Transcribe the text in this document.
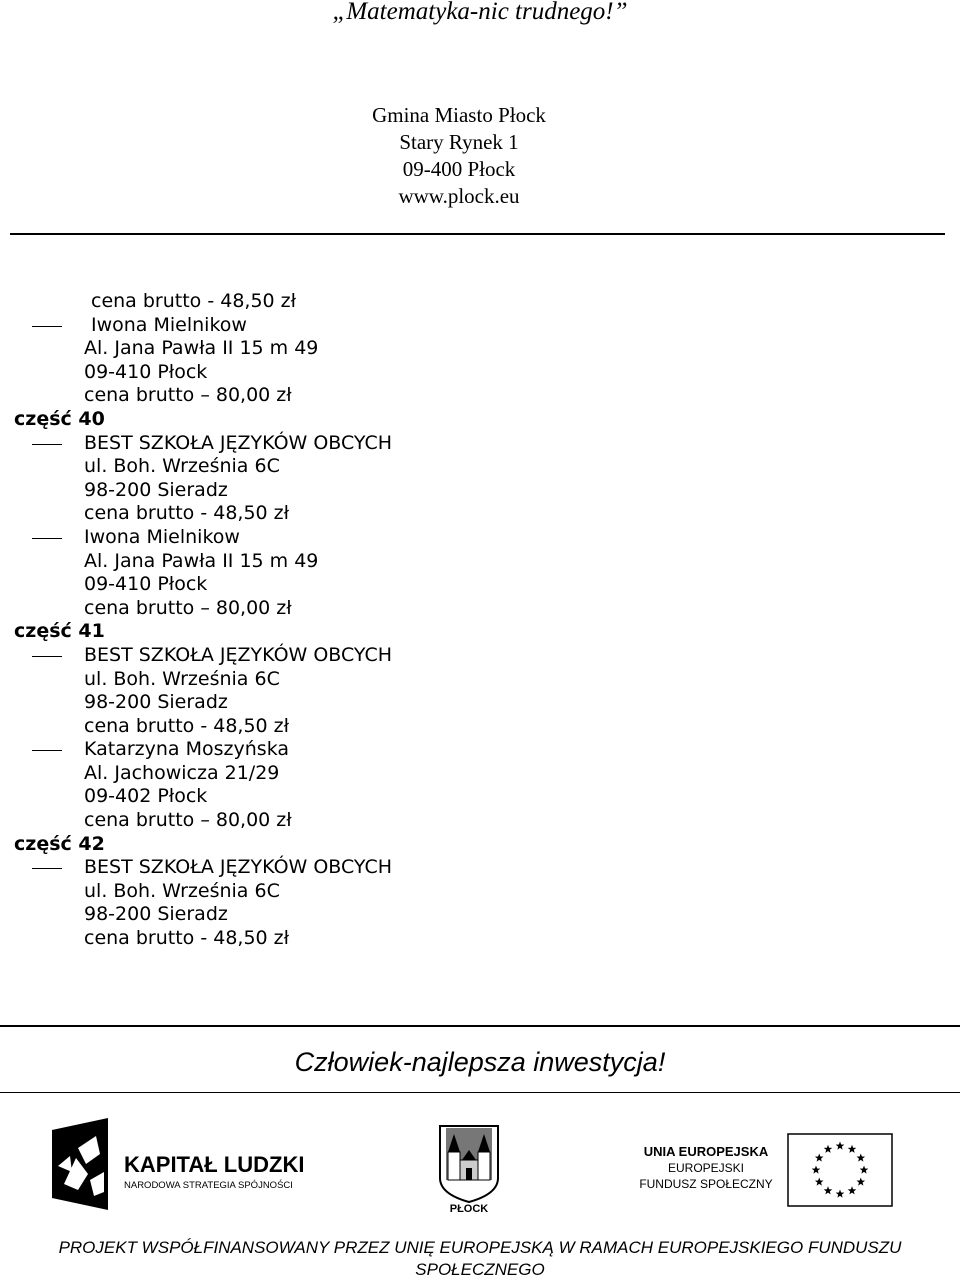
„Matematyka-nic trudnego!”
Gmina Miasto Płock
Stary Rynek 1
09-400 Płock
www.plock.eu
cena brutto - 48,50 zł
Iwona Mielnikow
Al. Jana Pawła II 15 m 49
09-410 Płock
cena brutto – 80,00 zł
część 40
BEST SZKOŁA JĘZYKÓW OBCYCH
ul. Boh. Września 6C
98-200 Sieradz
cena brutto - 48,50 zł
Iwona Mielnikow
Al. Jana Pawła II 15 m 49
09-410 Płock
cena brutto – 80,00 zł
część 41
BEST SZKOŁA JĘZYKÓW OBCYCH
ul. Boh. Września 6C
98-200 Sieradz
cena brutto - 48,50 zł
Katarzyna Moszyńska
Al. Jachowicza 21/29
09-402 Płock
cena brutto – 80,00 zł
część 42
BEST SZKOŁA JĘZYKÓW OBCYCH
ul. Boh. Września 6C
98-200 Sieradz
cena brutto - 48,50 zł
Człowiek-najlepsza inwestycja!
KAPITAŁ LUDZKI
NARODOWA STRATEGIA SPÓJNOŚCI
PŁOCK
UNIA EUROPEJSKA
EUROPEJSKI
FUNDUSZ SPOŁECZNY
PROJEKT WSPÓŁFINANSOWANY PRZEZ UNIĘ EUROPEJSKĄ W RAMACH EUROPEJSKIEGO FUNDUSZU
SPOŁECZNEGO
